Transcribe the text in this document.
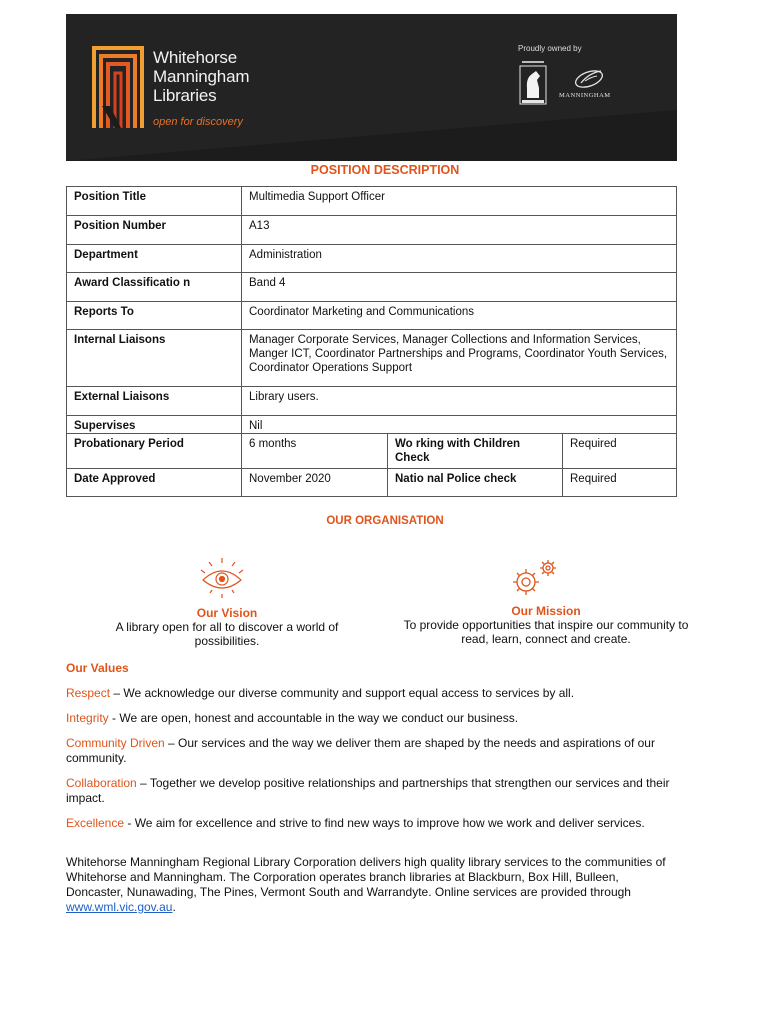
Whitehorse
Manningham
Libraries
open for discovery
Proudly owned by
MANNINGHAM
POSITION DESCRIPTION
Position Title	Multimedia Support Officer		
Position Number	A13		
Department	Administration		
Award Classificatio n	Band 4		
Reports To	Coordinator Marketing and Communications		
Internal Liaisons	Manager Corporate Services, Manager Collections and Information Services, Manger ICT, Coordinator Partnerships and Programs, Coordinator Youth Services, Coordinator Operations Support		
External Liaisons	Library users.		
Supervises	Nil		
Probationary Period	6 months	Wo rking with Children Check	Required
Date Approved	November 2020	Natio nal Police check	Required
OUR ORGANISATION
Our Vision
A library open for all to discover a world of possibilities.
Our Mission
To provide opportunities that inspire our community to read, learn, connect and create.
Our Values
Respect – We acknowledge our diverse community and support equal access to services by all.
Integrity - We are open, honest and accountable in the way we conduct our business.
Community Driven – Our services and the way we deliver them are shaped by the needs and aspirations of our community.
Collaboration – Together we develop positive relationships and partnerships that strengthen our services and their impact.
Excellence - We aim for excellence and strive to find new ways to improve how we work and deliver services.
Whitehorse Manningham Regional Library Corporation delivers high quality library services to the communities of Whitehorse and Manningham. The Corporation operates branch libraries at Blackburn, Box Hill, Bulleen, Doncaster, Nunawading, The Pines, Vermont South and Warrandyte. Online services are provided through www.wml.vic.gov.au.
